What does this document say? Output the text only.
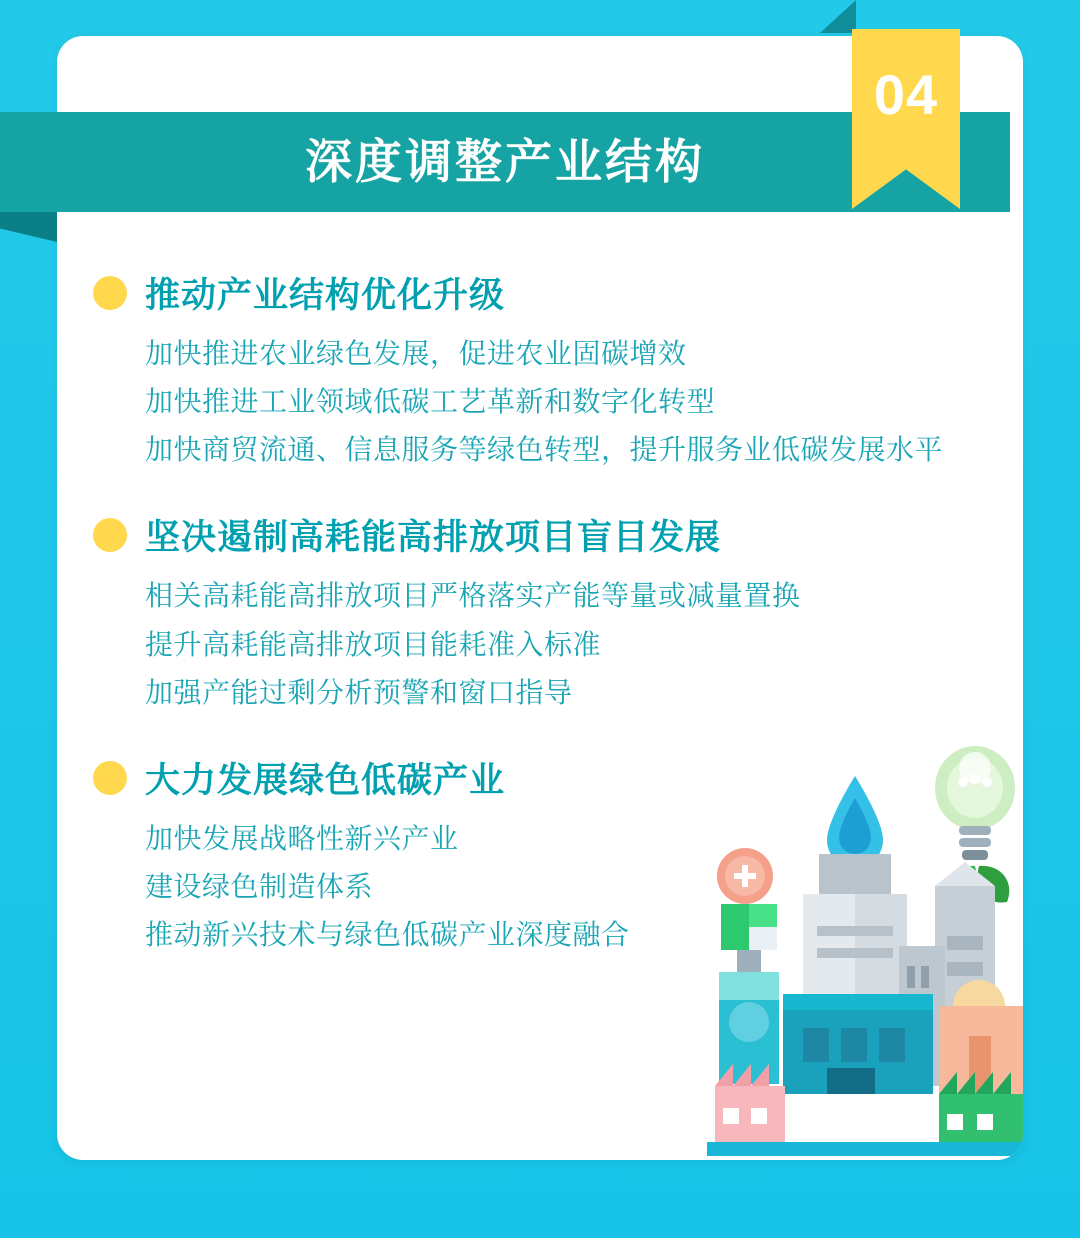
推动产业结构优化升级
加快推进农业绿色发展，促进农业固碳增效
加快推进工业领域低碳工艺革新和数字化转型
加快商贸流通、信息服务等绿色转型，提升服务业低碳发展水平
坚决遏制高耗能高排放项目盲目发展
相关高耗能高排放项目严格落实产能等量或减量置换
提升高耗能高排放项目能耗准入标准
加强产能过剩分析预警和窗口指导
大力发展绿色低碳产业
加快发展战略性新兴产业
建设绿色制造体系
推动新兴技术与绿色低碳产业深度融合
深度调整产业结构
04
